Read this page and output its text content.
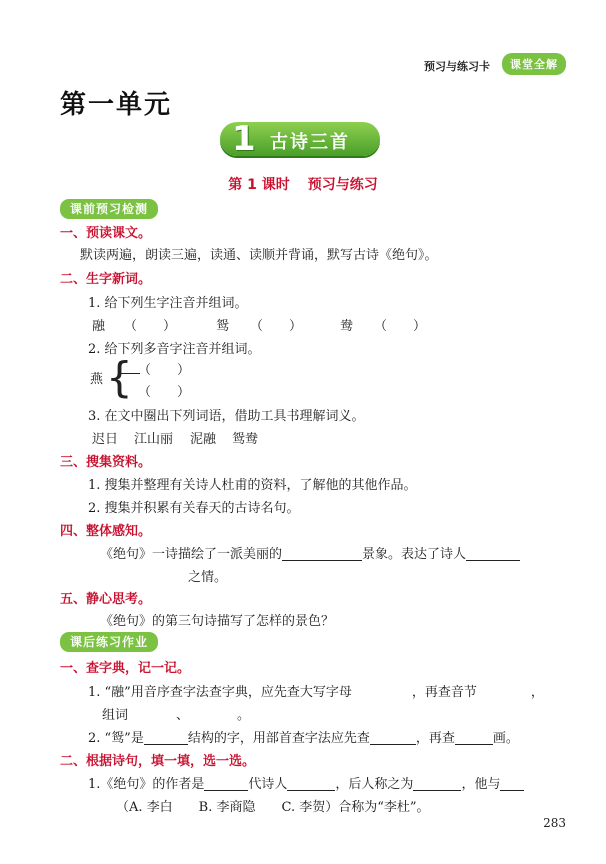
预习与练习卡	课堂全解
第一单元
1 古诗三首
第 1 课时 预习与练习
课前预习检测
一、预读课文。
默读两遍，朗读三遍，读通、读顺并背诵，默写古诗《绝句》。
二、生字新词。
1. 给下列生字注音并组词。
融 （　　）	鸳 （　　）	鸯 （　　）
2. 给下列多音字注音并组词。
燕 { （　　）
（　　）
3. 在文中圈出下列词语，借助工具书理解词义。
迟日 江山丽 泥融 鸳鸯
三、搜集资料。
1. 搜集并整理有关诗人杜甫的资料，了解他的其他作品。
2. 搜集并积累有关春天的古诗名句。
四、整体感知。
《绝句》一诗描绘了一派美丽的	景象。表达了诗人
之情。
五、静心思考。
《绝句》的第三句诗描写了怎样的景色？
课后练习作业
一、查字典，记一记。
1. “融”用音序查字法查字典，应先查大写字母	，再查音节	，
组词	、	。
2. “鸳”是	结构的字，用部首查字法应先查	，再查	画。
二、根据诗句，填一填，选一选。
1.《绝句》的作者是	代诗人	，后人称之为	，他与
（A. 李白　　B. 李商隐　　C. 李贺）合称为“李杜”。
283
